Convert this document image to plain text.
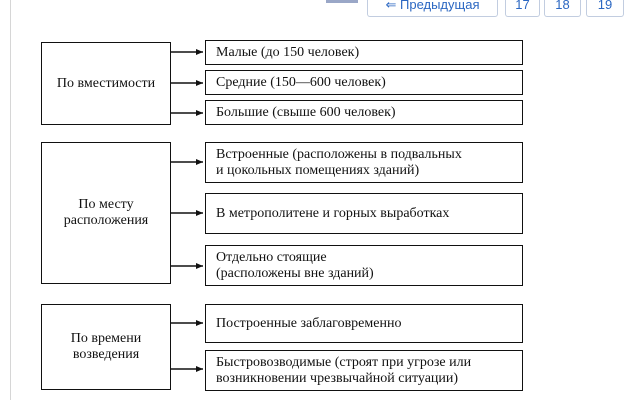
⇐ Предыдущая	17	18	19
По вместимости
Малые (до 150 человек)
Средние (150—600 человек)
Большие (свыше 600 человек)
По месту
расположения
Встроенные (расположены в подвальных
и цокольных помещениях зданий)
В метрополитене и горных выработках
Отдельно стоящие
(расположены вне зданий)
По времени
возведения
Построенные заблаговременно
Быстровозводимые (строят при угрозе или
возникновении чрезвычайной ситуации)
